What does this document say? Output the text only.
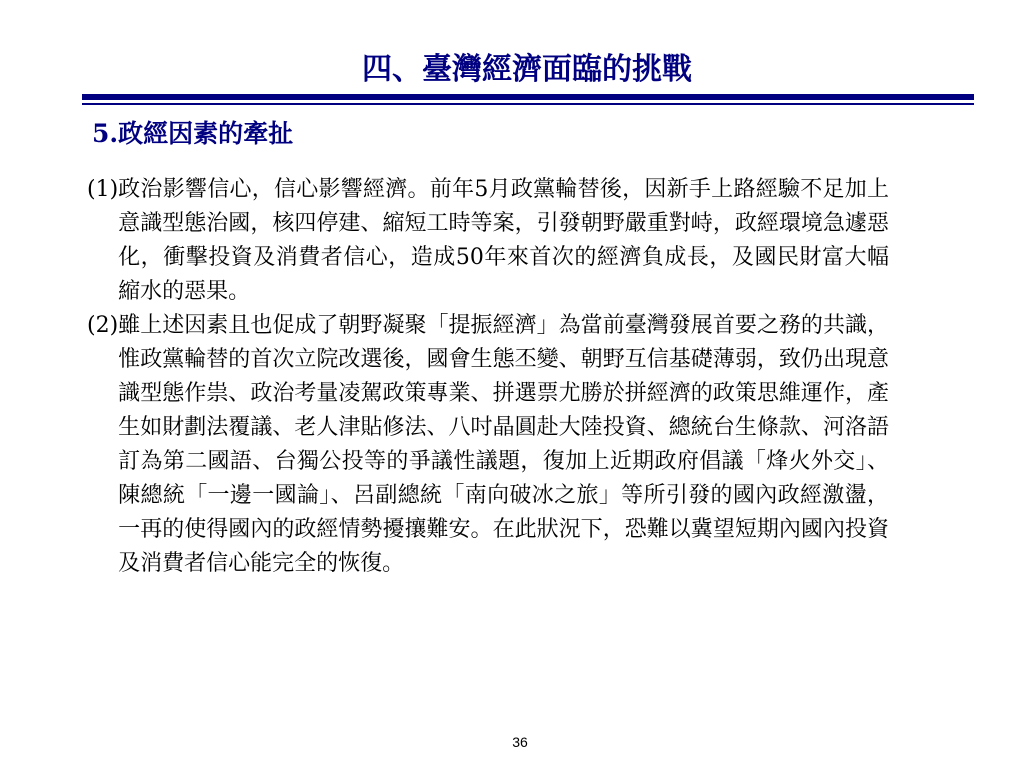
四、臺灣經濟面臨的挑戰
5.政經因素的牽扯
(1) 政治影響信心，信心影響經濟。前年5月政黨輪替後，因新手上路經驗不足加上意識型態治國，核四停建、縮短工時等案，引發朝野嚴重對峙，政經環境急遽惡化，衝擊投資及消費者信心，造成50年來首次的經濟負成長，及國民財富大幅縮水的惡果。
(2) 雖上述因素且也促成了朝野凝聚「提振經濟」為當前臺灣發展首要之務的共識，惟政黨輪替的首次立院改選後，國會生態丕變、朝野互信基礎薄弱，致仍出現意識型態作祟、政治考量凌駕政策專業、拼選票尤勝於拼經濟的政策思維運作，產生如財劃法覆議、老人津貼修法、八吋晶圓赴大陸投資、總統台生條款、河洛語訂為第二國語、台獨公投等的爭議性議題，復加上近期政府倡議「烽火外交」、陳總統「一邊一國論」、呂副總統「南向破冰之旅」等所引發的國內政經激盪，一再的使得國內的政經情勢擾攘難安。在此狀況下，恐難以冀望短期內國內投資及消費者信心能完全的恢復。
36
